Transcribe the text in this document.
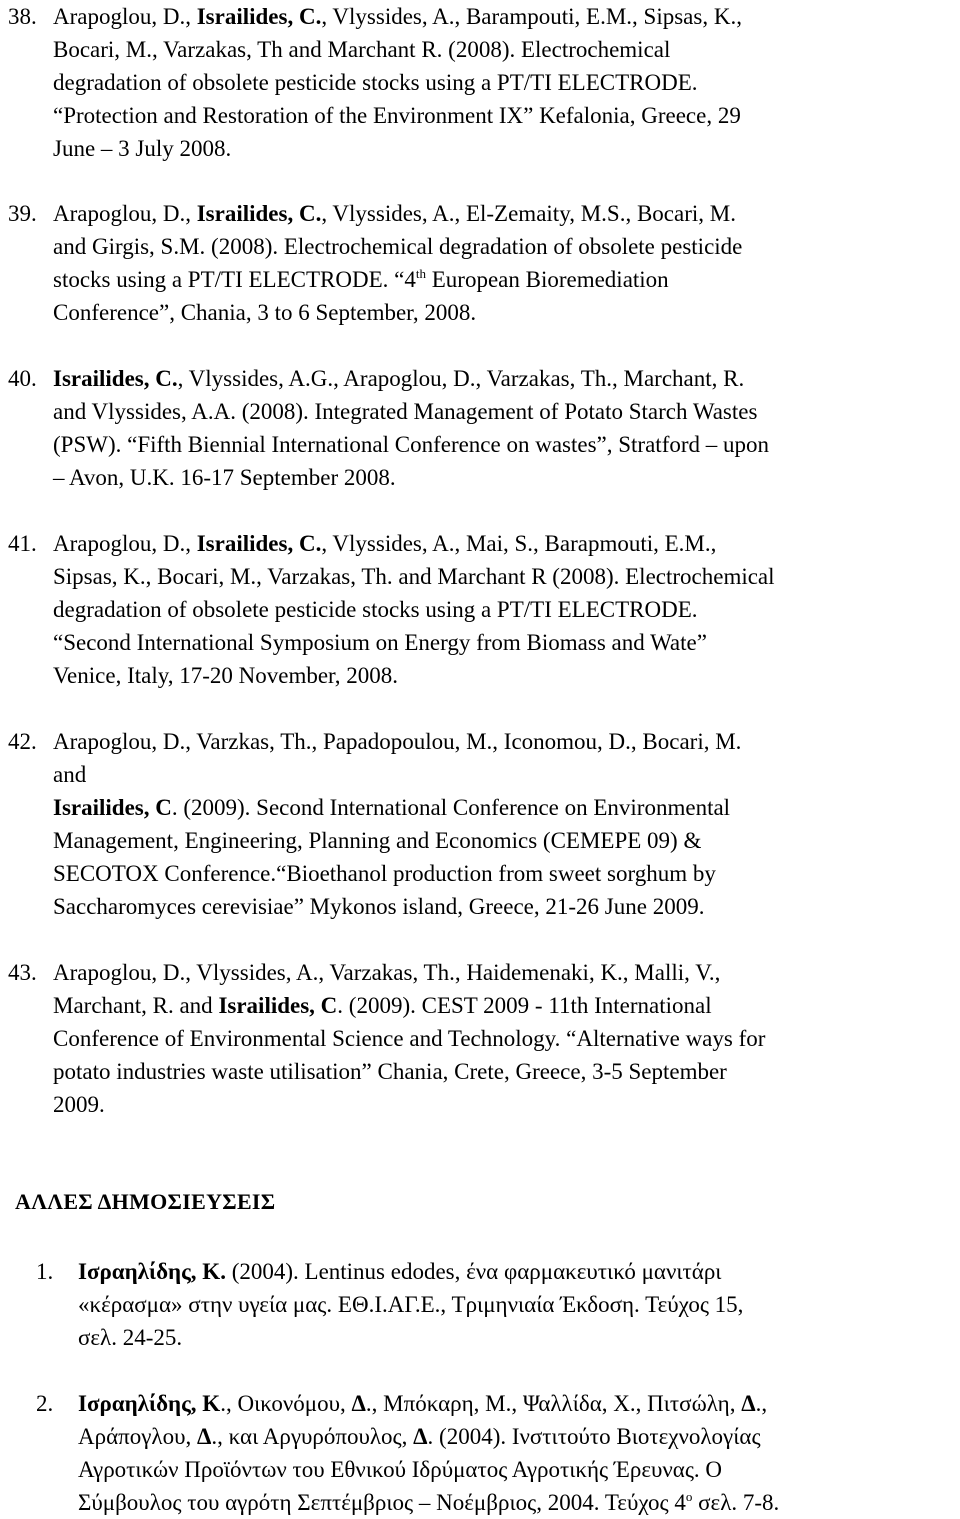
38. Arapoglou, D., Israilides, C., Vlyssides, A., Barampouti, E.M., Sipsas, K.,
Bocari, M., Varzakas, Th and Marchant R. (2008). Electrochemical
degradation of obsolete pesticide stocks using a PT/TI ELECTRODE.
“Protection and Restoration of the Environment IX” Kefalonia, Greece, 29
June – 3 July 2008.
39. Arapoglou, D., Israilides, C., Vlyssides, A., El-Zemaity, M.S., Bocari, M.
and Girgis, S.M. (2008). Electrochemical degradation of obsolete pesticide
stocks using a PT/TI ELECTRODE. “4th European Bioremediation
Conference”, Chania, 3 to 6 September, 2008.
40. Israilides, C., Vlyssides, A.G., Arapoglou, D., Varzakas, Th., Marchant, R.
and Vlyssides, A.A. (2008). Integrated Management of Potato Starch Wastes
(PSW). “Fifth Biennial International Conference on wastes”, Stratford – upon
– Avon, U.K. 16-17 September 2008.
41. Arapoglou, D., Israilides, C., Vlyssides, A., Mai, S., Barapmouti, E.M.,
Sipsas, K., Bocari, M., Varzakas, Th. and Marchant R (2008). Electrochemical
degradation of obsolete pesticide stocks using a PT/TI ELECTRODE.
“Second International Symposium on Energy from Biomass and Wate”
Venice, Italy, 17-20 November, 2008.
42. Arapoglou, D., Varzkas, Th., Papadopoulou, M., Iconomou, D., Bocari, M.
and
Israilides, C. (2009). Second International Conference on Environmental
Management, Engineering, Planning and Economics (CEMEPE 09) &
SECOTOX Conference.“Bioethanol production from sweet sorghum by
Saccharomyces cerevisiae” Mykonos island, Greece, 21-26 June 2009.
43. Arapoglou, D., Vlyssides, A., Varzakas, Th., Haidemenaki, K., Malli, V.,
Marchant, R. and Israilides, C. (2009). CEST 2009 - 11th International
Conference of Environmental Science and Technology. “Alternative ways for
potato industries waste utilisation” Chania, Crete, Greece, 3-5 September
2009.
ΑΛΛΕΣ ΔΗΜΟΣΙΕΥΣΕΙΣ
1. Ισραηλίδης, Κ. (2004). Lentinus edodes, ένα φαρμακευτικό μανιτάρι
«κέρασμα» στην υγεία μας. ΕΘ.Ι.ΑΓ.Ε., Τριμηνιαία Έκδοση. Τεύχος 15,
σελ. 24-25.
2. Ισραηλίδης, Κ., Οικονόμου, Δ., Μπόκαρη, Μ., Ψαλλίδα, Χ., Πιτσώλη, Δ.,
Αράπογλου, Δ., και Αργυρόπουλος, Δ. (2004). Ινστιτούτο Βιοτεχνολογίας
Αγροτικών Προϊόντων του Εθνικού Ιδρύματος Αγροτικής Έρευνας. Ο
Σύμβουλος του αγρότη Σεπτέμβριος – Νοέμβριος, 2004. Τεύχος $4^o$ σελ. 7-8.
